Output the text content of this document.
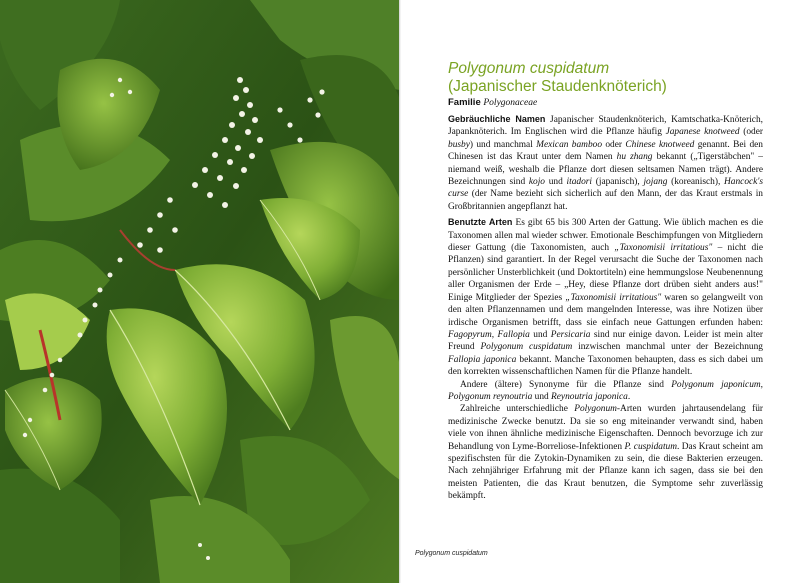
Polygonum cuspidatum
(Japanischer Staudenknöterich)
Familie Polygonaceae

Gebräuchliche Namen Japanischer Staudenknöterich, Kamtschatka-Knöterich, Japanknöterich. Im Englischen wird die Pflanze häufig Japanese knotweed (oder busby) und manchmal Mexican bamboo oder Chinese knotweed genannt. Bei den Chinesen ist das Kraut unter dem Namen hu zhang bekannt („Tigerstäbchen" – niemand weiß, weshalb die Pflanze dort diesen seltsamen Namen trägt). Andere Bezeichnungen sind kojo und itadori (japanisch), jojang (koreanisch), Hancock's curse (der Name bezieht sich sicherlich auf den Mann, der das Kraut erstmals in Großbritannien angepflanzt hat.

Benutzte Arten Es gibt 65 bis 300 Arten der Gattung. Wie üblich machen es die Taxonomen allen mal wieder schwer. Emotionale Beschimpfungen von Mitgliedern dieser Gattung (die Taxonomisten, auch „Taxonomisii irritatious" – nicht die Pflanzen) sind garantiert. In der Regel verursacht die Suche der Taxonomen nach persönlicher Unsterblichkeit (und Doktortiteln) eine hemmungslose Neubenennung aller Organismen der Erde – „Hey, diese Pflanze dort drüben sieht anders aus!" Einige Mitglieder der Spezies „Taxonomisii irritatious" waren so gelangweilt von den alten Pflanzennamen und dem mangelnden Interesse, was ihre Notizen über irdische Organismen betrifft, dass sie einfach neue Gattungen erfunden haben: Fagopyrum, Fallopia und Persicaria sind nur einige davon. Leider ist mein alter Freund Polygonum cuspidatum inzwischen manchmal unter der Bezeichnung Fallopia japonica bekannt. Manche Taxonomen behaupten, dass es sich dabei um den korrekten wissenschaftlichen Namen für die Pflanze handelt.

Andere (ältere) Synonyme für die Pflanze sind Polygonum japonicum, Polygonum reynoutria und Reynoutria japonica.

Zahlreiche unterschiedliche Polygonum-Arten wurden jahrtausendelang für medizinische Zwecke benutzt. Da sie so eng miteinander verwandt sind, haben viele von ihnen ähnliche medizinische Eigenschaften. Dennoch bevorzuge ich zur Behandlung von Lyme-Borreliose-Infektionen P. cuspidatum. Das Kraut scheint am spezifischsten für die Zytokin-Dynamiken zu sein, die diese Bakterien erzeugen. Nach zehnjähriger Erfahrung mit der Pflanze kann ich sagen, dass sie bei den meisten Patienten, die das Kraut benutzen, die Symptome sehr zuverlässig bekämpft.

Polygonum cuspidatum
